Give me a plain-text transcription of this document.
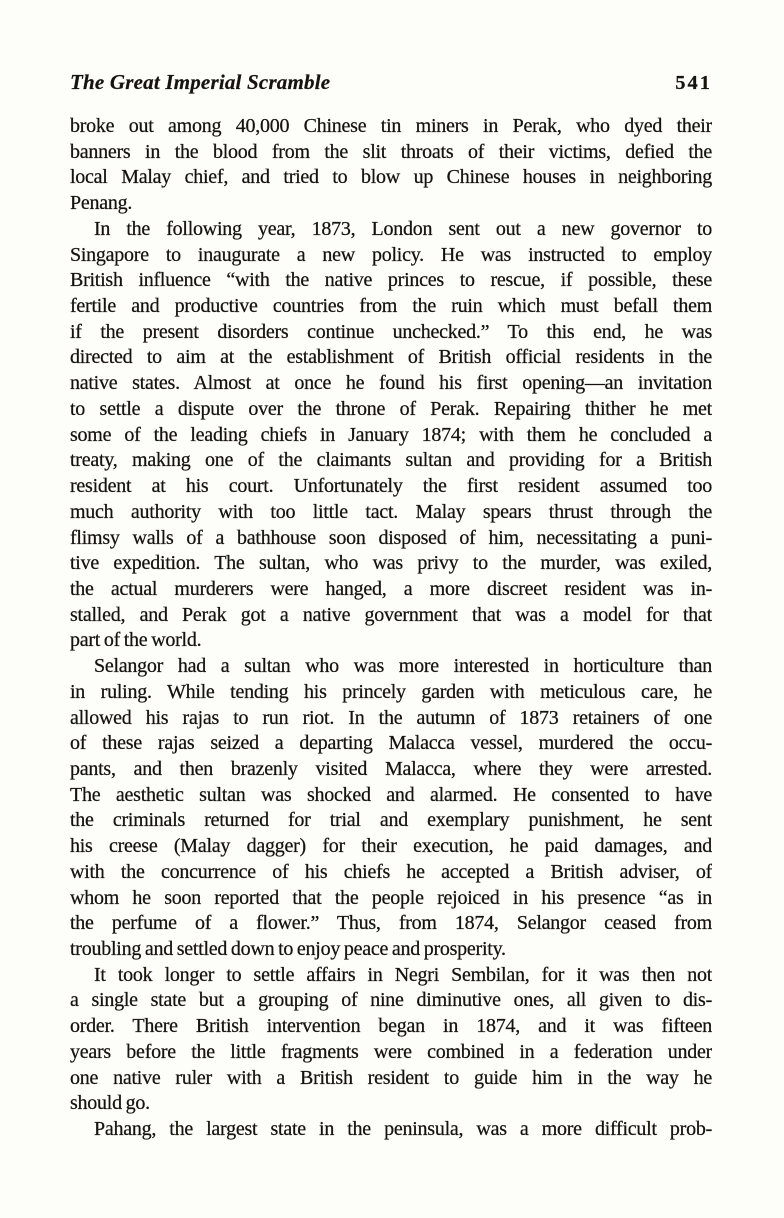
The Great Imperial Scramble	541
broke out among 40,000 Chinese tin miners in Perak, who dyed their
banners in the blood from the slit throats of their victims, defied the
local Malay chief, and tried to blow up Chinese houses in neighboring
Penang.
In the following year, 1873, London sent out a new governor to
Singapore to inaugurate a new policy. He was instructed to employ
British influence “with the native princes to rescue, if possible, these
fertile and productive countries from the ruin which must befall them
if the present disorders continue unchecked.” To this end, he was
directed to aim at the establishment of British official residents in the
native states. Almost at once he found his first opening—an invitation
to settle a dispute over the throne of Perak. Repairing thither he met
some of the leading chiefs in January 1874; with them he concluded a
treaty, making one of the claimants sultan and providing for a British
resident at his court. Unfortunately the first resident assumed too
much authority with too little tact. Malay spears thrust through the
flimsy walls of a bathhouse soon disposed of him, necessitating a puni-
tive expedition. The sultan, who was privy to the murder, was exiled,
the actual murderers were hanged, a more discreet resident was in-
stalled, and Perak got a native government that was a model for that
part of the world.
Selangor had a sultan who was more interested in horticulture than
in ruling. While tending his princely garden with meticulous care, he
allowed his rajas to run riot. In the autumn of 1873 retainers of one
of these rajas seized a departing Malacca vessel, murdered the occu-
pants, and then brazenly visited Malacca, where they were arrested.
The aesthetic sultan was shocked and alarmed. He consented to have
the criminals returned for trial and exemplary punishment, he sent
his creese (Malay dagger) for their execution, he paid damages, and
with the concurrence of his chiefs he accepted a British adviser, of
whom he soon reported that the people rejoiced in his presence “as in
the perfume of a flower.” Thus, from 1874, Selangor ceased from
troubling and settled down to enjoy peace and prosperity.
It took longer to settle affairs in Negri Sembilan, for it was then not
a single state but a grouping of nine diminutive ones, all given to dis-
order. There British intervention began in 1874, and it was fifteen
years before the little fragments were combined in a federation under
one native ruler with a British resident to guide him in the way he
should go.
Pahang, the largest state in the peninsula, was a more difficult prob-
